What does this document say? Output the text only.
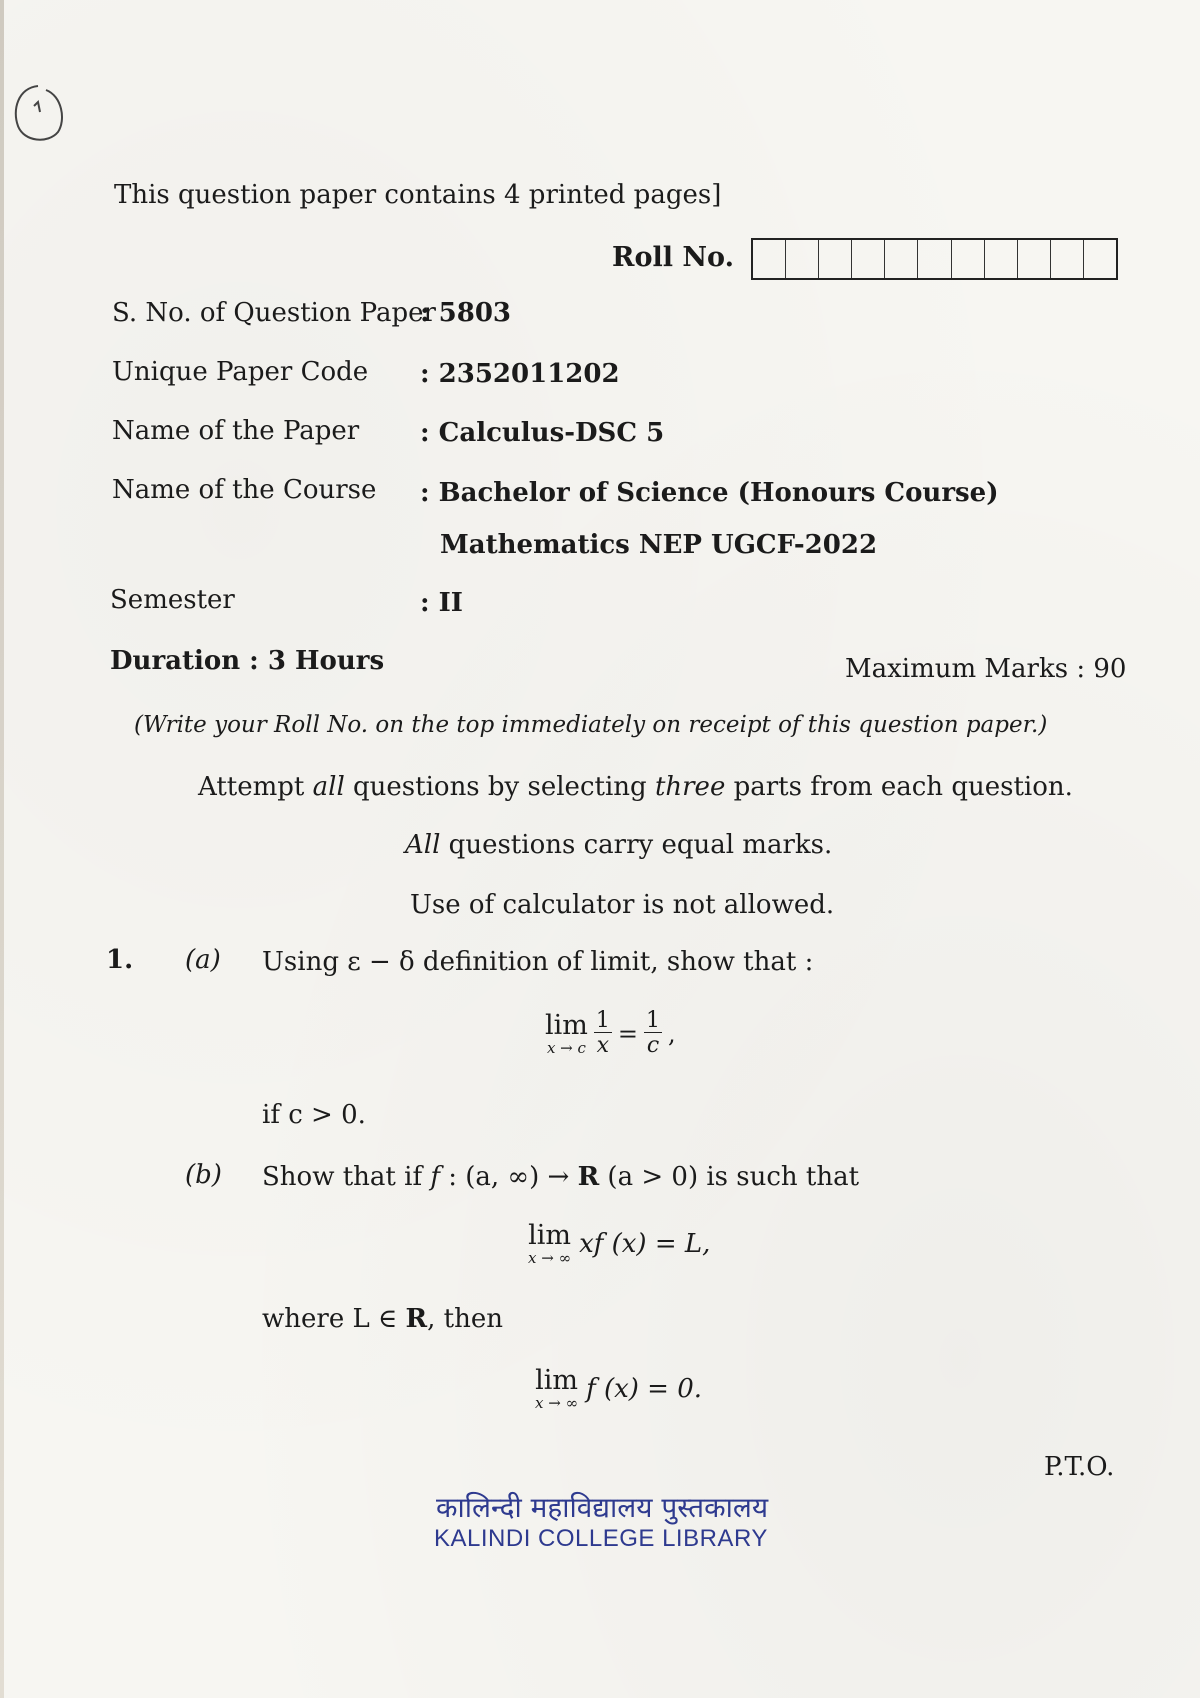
This question paper contains 4 printed pages]
Roll No.
S. No. of Question Paper
: 5803
Unique Paper Code : 2352011202
Name of the Paper : Calculus-DSC 5
Name of the Course : Bachelor of Science (Honours Course)
Mathematics NEP UGCF-2022
Semester	: II
Duration : 3 Hours	Maximum Marks : 90
(Write your Roll No. on the top immediately on receipt of this question paper.)
Attempt all questions by selecting three parts from each question.
All questions carry equal marks.
Use of calculator is not allowed.
1. (a) Using ε − δ definition of limit, show that :
lim
x → c $\frac{1}{x} = \frac{1}{c}$ ,
if c > 0.
(b) Show that if f : (a, ∞) → R (a > 0) is such that
lim
x → ∞ xf (x) = L,
where L ∈ R, then
lim
x → ∞ f (x) = 0.
P.T.O.
कालिन्दी महाविद्यालय पुस्तकालय
KALINDI COLLEGE LIBRARY
